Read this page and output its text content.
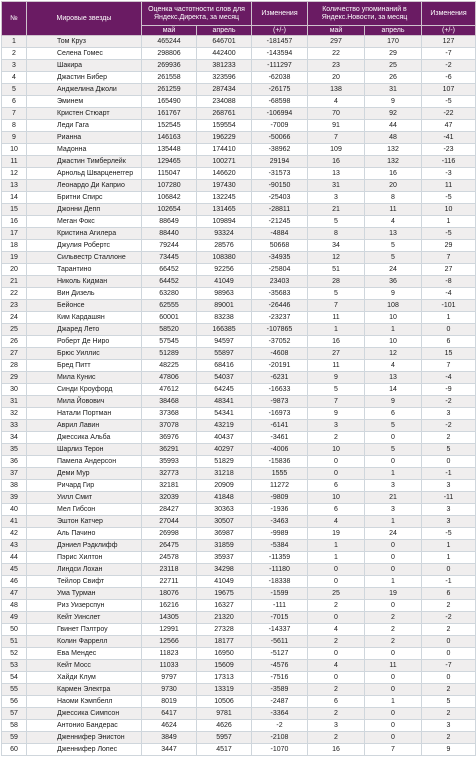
№	Мировые звезды	Оценка частотности слов для Яндекс.Директа, за месяц		Изменения	Количество упоминаний в Яндекс.Новости, за месяц		Изменения
		май	апрель	(+/-)	май	апрель	(+/-)
1	Том Круз	465244	646701	-181457	297	170	127
2	Селена Гомес	298806	442400	-143594	22	29	-7
3	Шакира	269936	381233	-111297	23	25	-2
4	Джастин Бибер	261558	323596	-62038	20	26	-6
5	Анджелина Джоли	261259	287434	-26175	138	31	107
6	Эминем	165490	234088	-68598	4	9	-5
7	Кристен Стюарт	161767	268761	-106994	70	92	-22
8	Леди Гага	152545	159554	-7009	91	44	47
9	Рианна	146163	196229	-50066	7	48	-41
10	Мадонна	135448	174410	-38962	109	132	-23
11	Джастин Тимберлейк	129465	100271	29194	16	132	-116
12	Арнольд Шварценеггер	115047	146620	-31573	13	16	-3
13	Леонардо Ди Каприо	107280	197430	-90150	31	20	11
14	Бритни Спирс	106842	132245	-25403	3	8	-5
15	Джонни Депп	102654	131465	-28811	21	11	10
16	Меган Фокс	88649	109894	-21245	5	4	1
17	Кристина Агилера	88440	93324	-4884	8	13	-5
18	Джулия Робертс	79244	28576	50668	34	5	29
19	Сильвестр Сталлоне	73445	108380	-34935	12	5	7
20	Тарантино	66452	92256	-25804	51	24	27
21	Николь Кидман	64452	41049	23403	28	36	-8
22	Вин Дизель	63280	98963	-35683	5	9	-4
23	Бейонсе	62555	89001	-26446	7	108	-101
24	Ким Кардашян	60001	83238	-23237	11	10	1
25	Джаред Лето	58520	166385	-107865	1	1	0
26	Роберт Де Ниро	57545	94597	-37052	16	10	6
27	Брюс Уиллис	51289	55897	-4608	27	12	15
28	Бред Питт	48225	68416	-20191	11	4	7
29	Мила Кунис	47806	54037	-6231	9	13	-4
30	Синди Кроуфорд	47612	64245	-16633	5	14	-9
31	Мила Йовович	38468	48341	-9873	7	9	-2
32	Натали Портман	37368	54341	-16973	9	6	3
33	Аврил Лавин	37078	43219	-6141	3	5	-2
34	Джессика Альба	36976	40437	-3461	2	0	2
35	Шарлиз Терон	36291	40297	-4006	10	5	5
36	Памела Андерсон	35993	51829	-15836	0	0	0
37	Деми Мур	32773	31218	1555	0	1	-1
38	Ричард Гир	32181	20909	11272	6	3	3
39	Уилл Смит	32039	41848	-9809	10	21	-11
40	Мел Гибсон	28427	30363	-1936	6	3	3
41	Эштон Катчер	27044	30507	-3463	4	1	3
42	Аль Пачино	26998	36987	-9989	19	24	-5
43	Дэниел Рэдклифф	26475	31859	-5384	1	0	1
44	Пэрис Хилтон	24578	35937	-11359	1	0	1
45	Линдси Лохан	23118	34298	-11180	0	0	0
46	Тейлор Свифт	22711	41049	-18338	0	1	-1
47	Ума Турман	18076	19675	-1599	25	19	6
48	Риз Уизерспун	16216	16327	-111	2	0	2
49	Кейт Уинслет	14305	21320	-7015	0	2	-2
50	Гвинет Пэлтроу	12991	27328	-14337	4	2	2
51	Колин Фаррелл	12566	18177	-5611	2	2	0
52	Ева Мендес	11823	16950	-5127	0	0	0
53	Кейт Мосс	11033	15609	-4576	4	11	-7
54	Хайди Клум	9797	17313	-7516	0	0	0
55	Кармен Электра	9730	13319	-3589	2	0	2
56	Наоми Кэмпбелл	8019	10506	-2487	6	1	5
57	Джессика Симпсон	6417	9781	-3364	2	0	2
58	Антонио Бандерас	4624	4626	-2	3	0	3
59	Дженнифер Энистон	3849	5957	-2108	2	0	2
60	Дженнифер Лопес	3447	4517	-1070	16	7	9
